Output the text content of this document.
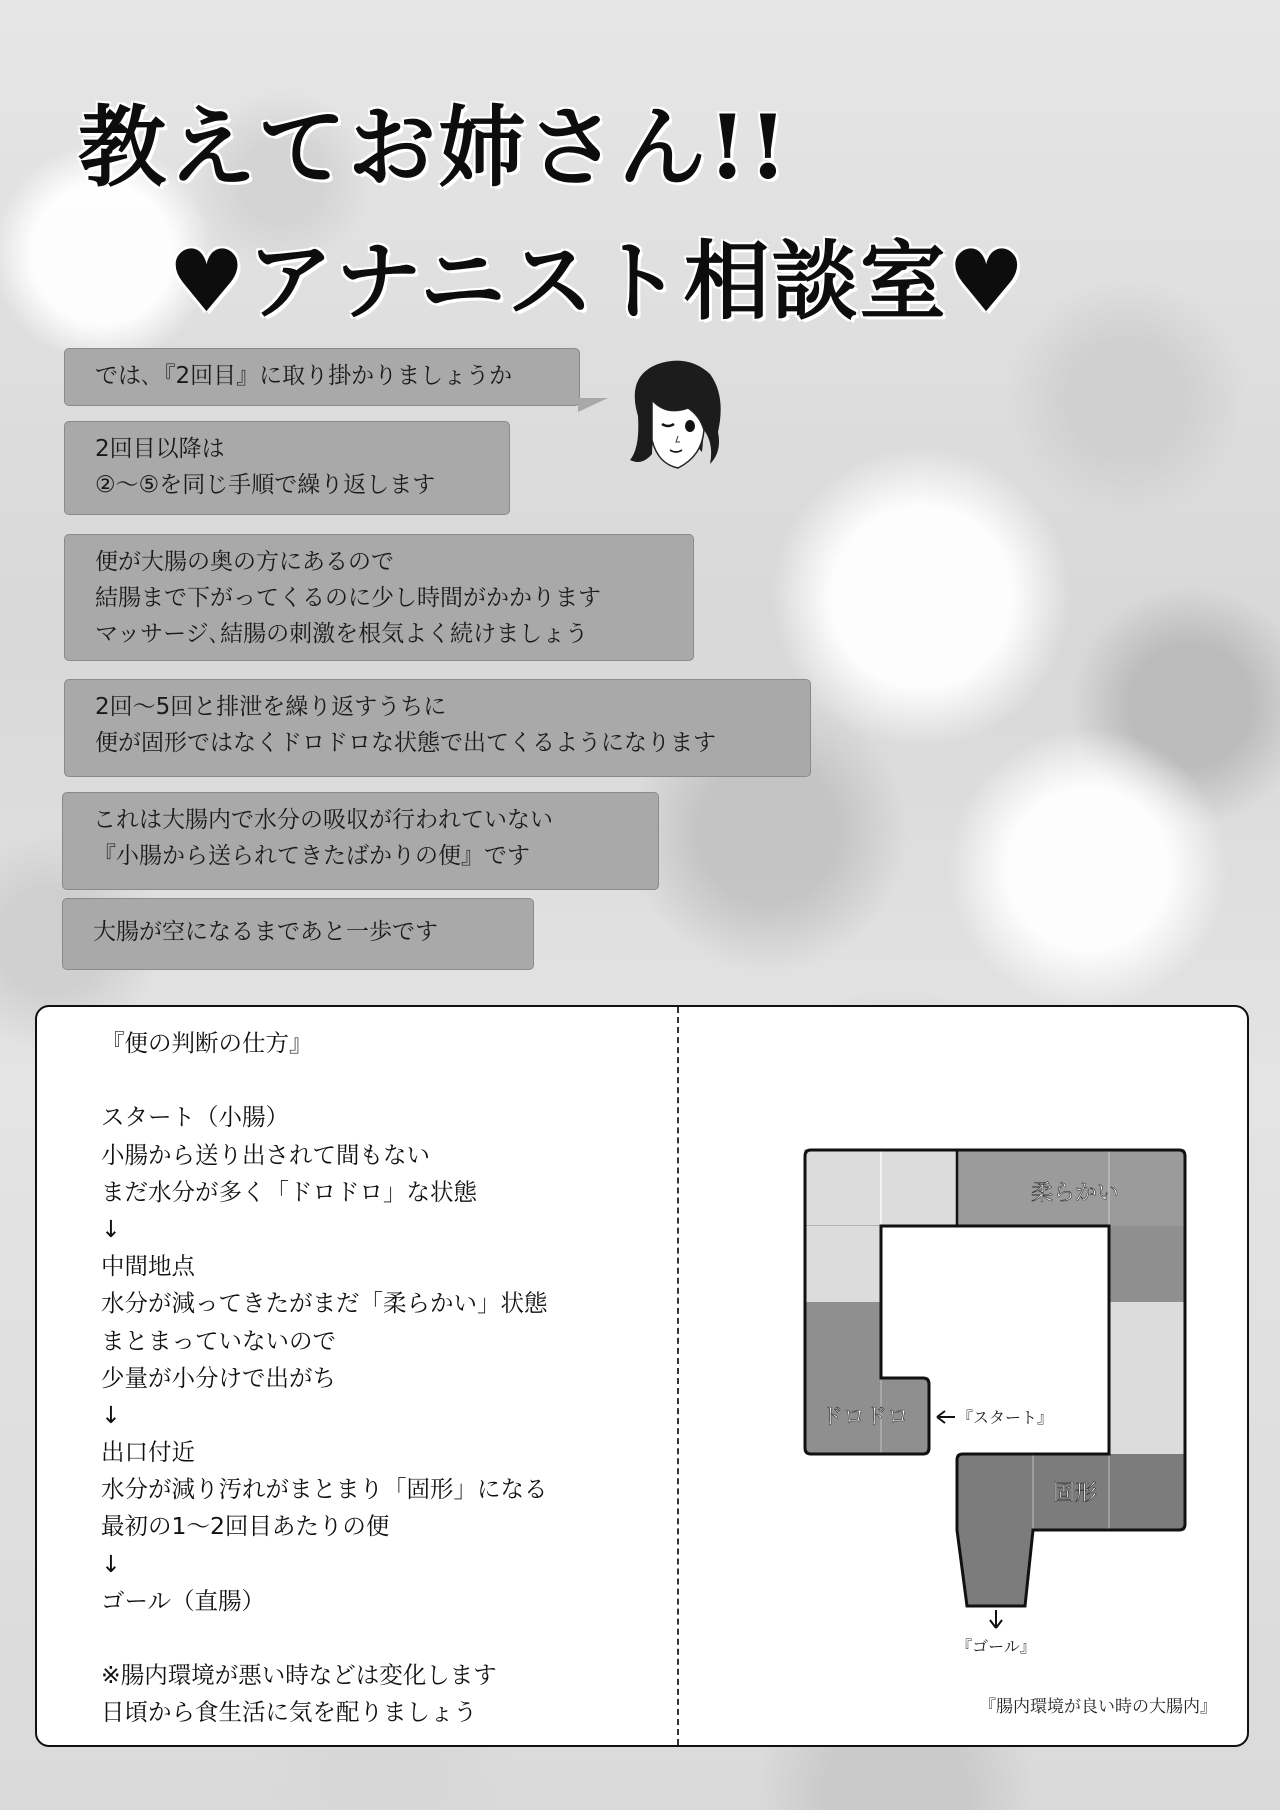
教えてお姉さん!!
♥アナニスト相談室♥

では､『2回目』に取り掛かりましょうか

2回目以降は

②～⑤を同じ手順で繰り返します

便が大腸の奥の方にあるので

結腸まで下がってくるのに少し時間がかかります

マッサージ､結腸の刺激を根気よく続けましょう

2回～5回と排泄を繰り返すうちに

便が固形ではなくドロドロな状態で出てくるようになります

これは大腸内で水分の吸収が行われていない

『小腸から送られてきたばかりの便』です

大腸が空になるまであと一歩です

『便の判断の仕方』

スタート（小腸）

小腸から送り出されて間もない

まだ水分が多く「ドロドロ」な状態

↓

中間地点

水分が減ってきたがまだ「柔らかい」状態

まとまっていないので

少量が小分けで出がち

↓

出口付近

水分が減り汚れがまとまり「固形」になる

最初の1～2回目あたりの便

↓

ゴール（直腸）

※腸内環境が悪い時などは変化します

日頃から食生活に気を配りましょう

柔らかい
ドロドロ
固形
『スタート』
『ゴール』
『腸内環境が良い時の大腸内』
